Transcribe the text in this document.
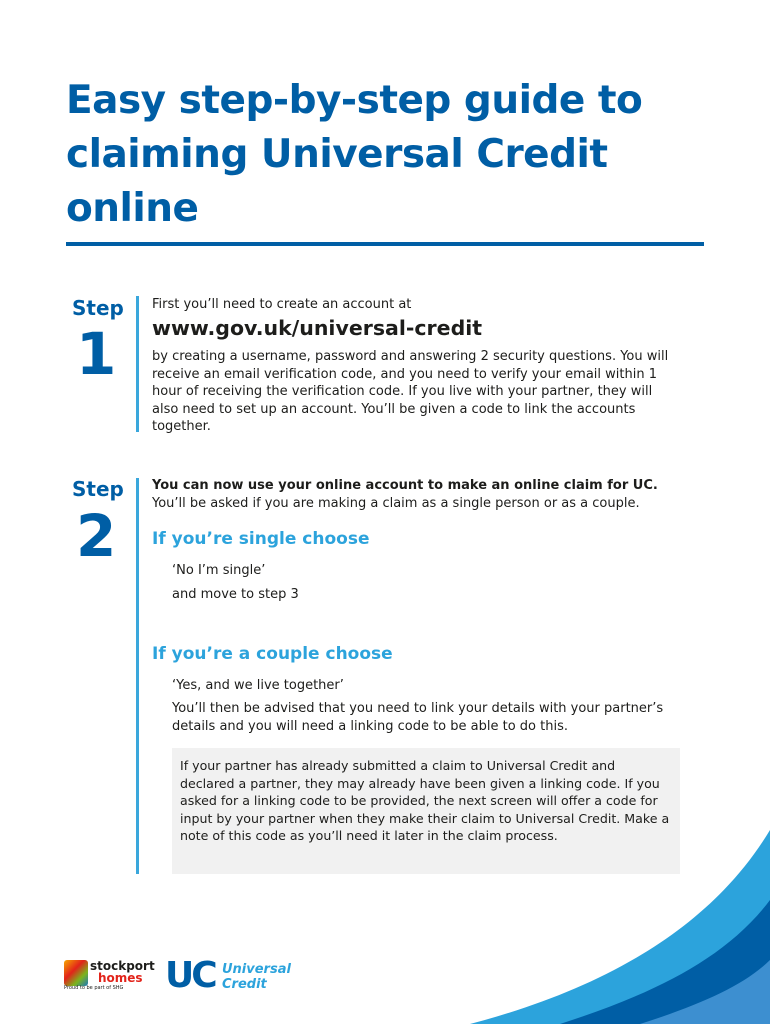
Easy step-by-step guide to claiming Universal Credit online
Step
1
First you’ll need to create an account at
www.gov.uk/universal-credit
by creating a username, password and answering 2 security questions. You will receive an email verification code, and you need to verify your email within 1 hour of receiving the verification code. If you live with your partner, they will also need to set up an account. You’ll be given a code to link the accounts together.
Step
2
You can now use your online account to make an online claim for UC.
You’ll be asked if you are making a claim as a single person or as a couple.
If you’re single choose
‘No I’m single’
and move to step 3
If you’re a couple choose
‘Yes, and we live together’
You’ll then be advised that you need to link your details with your partner’s details and you will need a linking code to be able to do this.
If your partner has already submitted a claim to Universal Credit and declared a partner, they may already have been given a linking code. If you asked for a linking code to be provided, the next screen will offer a code for input by your partner when they make their claim to Universal Credit. Make a note of this code as you’ll need it later in the claim process.
stockport
homes
Proud to be part of SHG UC Universal
Credit
